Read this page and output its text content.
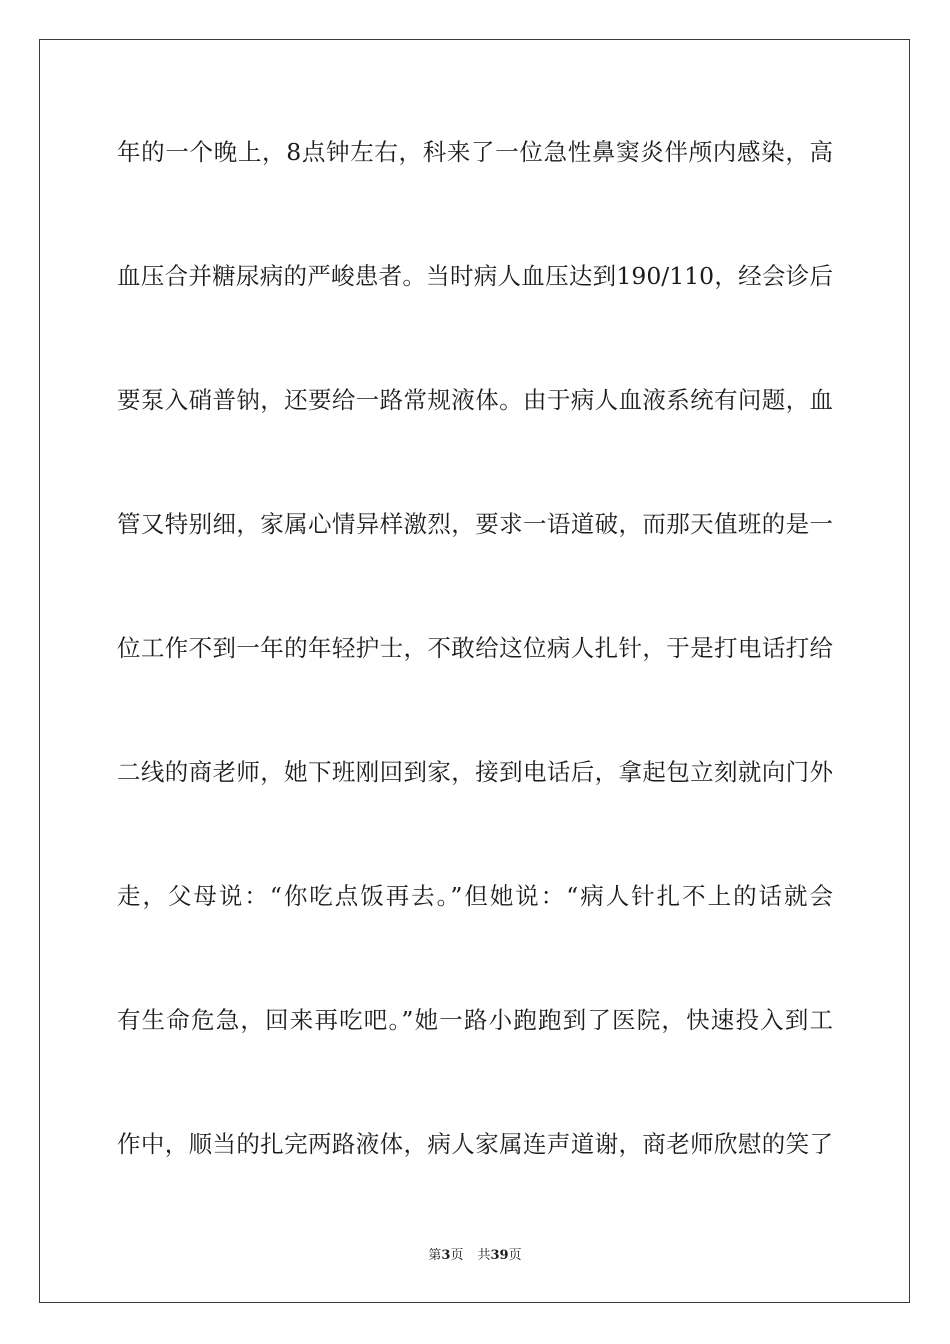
年的一个晚上，8点钟左右，科来了一位急性鼻窦炎伴颅内感染，高
血压合并糖尿病的严峻患者。当时病人血压达到190/110，经会诊后
要泵入硝普钠，还要给一路常规液体。由于病人血液系统有问题，血
管又特别细，家属心情异样激烈，要求一语道破，而那天值班的是一
位工作不到一年的年轻护士，不敢给这位病人扎针，于是打电话打给
二线的商老师，她下班刚回到家，接到电话后，拿起包立刻就向门外
走，父母说：“你吃点饭再去。”但她说：“病人针扎不上的话就会
有生命危急，回来再吃吧。”她一路小跑跑到了医院，快速投入到工
作中，顺当的扎完两路液体，病人家属连声道谢，商老师欣慰的笑了
第3页 共39页
